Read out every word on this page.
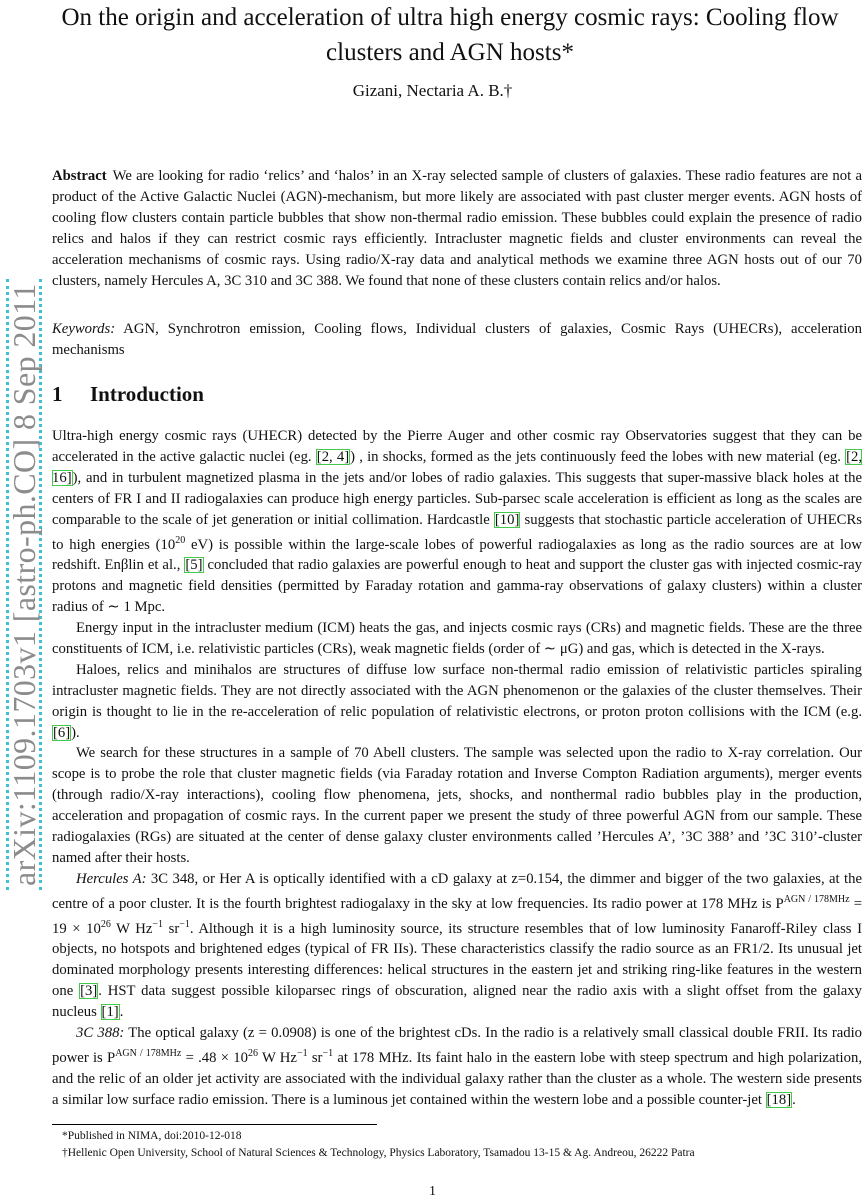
arXiv:1109.1703v1 [astro-ph.CO] 8 Sep 2011
On the origin and acceleration of ultra high energy cosmic rays: Cooling flow clusters and AGN hosts*
Gizani, Nectaria A. B.†

Abstract We are looking for radio ‘relics’ and ‘halos’ in an X-ray selected sample of clusters of galaxies. These radio features are not a product of the Active Galactic Nuclei (AGN)-mechanism, but more likely are associated with past cluster merger events. AGN hosts of cooling flow clusters contain particle bubbles that show non-thermal radio emission. These bubbles could explain the presence of radio relics and halos if they can restrict cosmic rays efficiently. Intracluster magnetic fields and cluster environments can reveal the acceleration mechanisms of cosmic rays. Using radio/X-ray data and analytical methods we examine three AGN hosts out of our 70 clusters, namely Hercules A, 3C 310 and 3C 388. We found that none of these clusters contain relics and/or halos.

Keywords: AGN, Synchrotron emission, Cooling flows, Individual clusters of galaxies, Cosmic Rays (UHECRs), acceleration mechanisms

1 Introduction

Ultra-high energy cosmic rays (UHECR) detected by the Pierre Auger and other cosmic ray Observatories suggest that they can be accelerated in the active galactic nuclei (eg. [2, 4]) , in shocks, formed as the jets continuously feed the lobes with new material (eg. [2, 16]), and in turbulent magnetized plasma in the jets and/or lobes of radio galaxies. This suggests that super-massive black holes at the centers of FR I and II radiogalaxies can produce high energy particles. Sub-parsec scale acceleration is efficient as long as the scales are comparable to the scale of jet generation or initial collimation. Hardcastle [10] suggests that stochastic particle acceleration of UHECRs to high energies ($10^{20}$ eV) is possible within the large-scale lobes of powerful radiogalaxies as long as the radio sources are at low redshift. Enβlin et al., [5] concluded that radio galaxies are powerful enough to heat and support the cluster gas with injected cosmic-ray protons and magnetic field densities (permitted by Faraday rotation and gamma-ray observations of galaxy clusters) within a cluster radius of ∼ 1 Mpc.

Energy input in the intracluster medium (ICM) heats the gas, and injects cosmic rays (CRs) and magnetic fields. These are the three constituents of ICM, i.e. relativistic particles (CRs), weak magnetic fields (order of ∼ μG) and gas, which is detected in the X-rays.

Haloes, relics and minihalos are structures of diffuse low surface non-thermal radio emission of relativistic particles spiraling intracluster magnetic fields. They are not directly associated with the AGN phenomenon or the galaxies of the cluster themselves. Their origin is thought to lie in the re-acceleration of relic population of relativistic electrons, or proton proton collisions with the ICM (e.g. [6]).

We search for these structures in a sample of 70 Abell clusters. The sample was selected upon the radio to X-ray correlation. Our scope is to probe the role that cluster magnetic fields (via Faraday rotation and Inverse Compton Radiation arguments), merger events (through radio/X-ray interactions), cooling flow phenomena, jets, shocks, and nonthermal radio bubbles play in the production, acceleration and propagation of cosmic rays. In the current paper we present the study of three powerful AGN from our sample. These radiogalaxies (RGs) are situated at the center of dense galaxy cluster environments called ’Hercules A’, ’3C 388’ and ’3C 310’-cluster named after their hosts.

Hercules A: 3C 348, or Her A is optically identified with a cD galaxy at z=0.154, the dimmer and bigger of the two galaxies, at the centre of a poor cluster. It is the fourth brightest radiogalaxy in the sky at low frequencies. Its radio power at 178 MHz is $P^{AGN / 178MHz} = 19 \times 10^{26}$ W $Hz^{-1}$ $sr^{-1}$. Although it is a high luminosity source, its structure resembles that of low luminosity Fanaroff-Riley class I objects, no hotspots and brightened edges (typical of FR IIs). These characteristics classify the radio source as an FR1/2. Its unusual jet dominated morphology presents interesting differences: helical structures in the eastern jet and striking ring-like features in the western one [3]. HST data suggest possible kiloparsec rings of obscuration, aligned near the radio axis with a slight offset from the galaxy nucleus [1].

3C 388: The optical galaxy (z = 0.0908) is one of the brightest cDs. In the radio is a relatively small classical double FRII. Its radio power is $P^{AGN / 178MHz} = .48 \times 10^{26}$ W $Hz^{-1}$ $sr^{-1}$ at 178 MHz. Its faint halo in the eastern lobe with steep spectrum and high polarization, and the relic of an older jet activity are associated with the individual galaxy rather than the cluster as a whole. The western side presents a similar low surface radio emission. There is a luminous jet contained within the western lobe and a possible counter-jet [18].

*Published in NIMA, doi:2010-12-018
†Hellenic Open University, School of Natural Sciences & Technology, Physics Laboratory, Tsamadou 13-15 & Ag. Andreou, 26222 Patra
1
